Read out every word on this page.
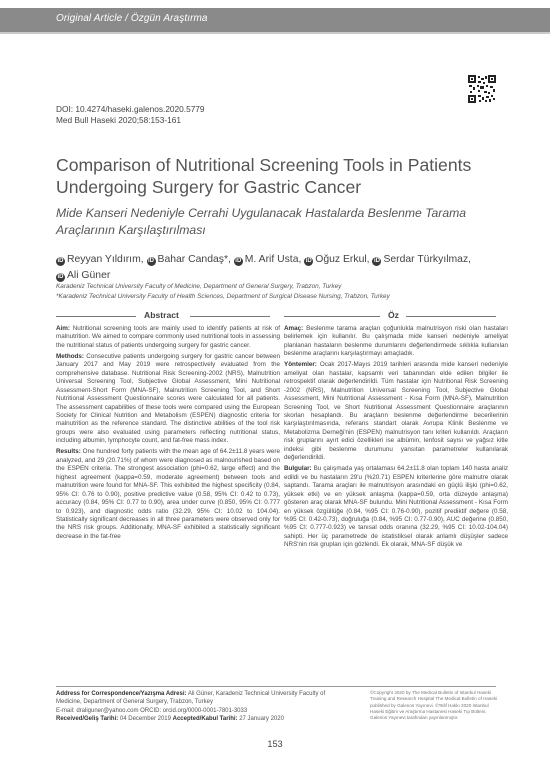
Original Article / Özgün Araştırma
DOI: 10.4274/haseki.galenos.2020.5779
Med Bull Haseki 2020;58:153-161
Comparison of Nutritional Screening Tools in Patients Undergoing Surgery for Gastric Cancer
Mide Kanseri Nedeniyle Cerrahi Uygulanacak Hastalarda Beslenme Tarama Araçlarının Karşılaştırılması
iD Reyyan Yıldırım, iD Bahar Candaş*, iD M. Arif Usta, iD Oğuz Erkul, iD Serdar Türkyılmaz,
iD Ali Güner
Karadeniz Technical University Faculty of Medicine, Department of General Surgery, Trabzon, Turkey
*Karadeniz Technical University Faculty of Health Sciences, Department of Surgical Disease Nursing, Trabzon, Turkey
Abstract	Öz

Aim: Nutritional screening tools are mainly used to identify patients at risk of malnutrition. We aimed to compare commonly used nutritional tools in assessing the nutritional status of patients undergoing surgery for gastric cancer.

Methods: Consecutive patients undergoing surgery for gastric cancer between January 2017 and May 2019 were retrospectively evaluated from the comprehensive database. Nutritional Risk Screening-2002 (NRS), Malnutrition Universal Screening Tool, Subjective Global Assessment, Mini Nutritional Assessment-Short Form (MNA-SF), Malnutrition Screening Tool, and Short Nutritional Assessment Questionnaire scores were calculated for all patients. The assessment capabilities of these tools were compared using the European Society for Clinical Nutrition and Metabolism (ESPEN) diagnostic criteria for malnutrition as the reference standard. The distinctive abilities of the tool risk groups were also evaluated using parameters reflecting nutritional status, including albumin, lymphocyte count, and fat-free mass index.

Results: One hundred forty patients with the mean age of 64.2±11.8 years were analyzed, and 29 (20.71%) of whom were diagnosed as malnourished based on the ESPEN criteria. The strongest association (phi=0.62, large effect) and the highest agreement (kappa=0.59, moderate agreement) between tools and malnutrition were found for MNA-SF. This exhibited the highest specificity (0.84, 95% CI: 0.76 to 0.90), positive predictive value (0.58, 95% CI: 0.42 to 0.73), accuracy (0.84, 95% CI: 0.77 to 0.90), area under curve (0.850, 95% CI: 0.777 to 0.923), and diagnostic odds ratio (32.29, 95% CI: 10.02 to 104.04). Statistically significant decreases in all three parameters were observed only for the NRS risk groups. Additionally, MNA-SF exhibited a statistically significant decrease in the fat-free

Amaç: Beslenme tarama araçları çoğunlukla malnutrisyon riski olan hastaları belirlemek için kullanılır. Bu çalışmada mide kanseri nedeniyle ameliyat planlanan hastaların beslenme durumlarını değerlendirmede sıklıkla kullanılan beslenme araçlarını karşılaştırmayı amaçladık.

Yöntemler: Ocak 2017-Mayıs 2019 tarihleri arasında mide kanseri nedeniyle ameliyat olan hastalar, kapsamlı veri tabanından elde edilen bilgiler ile retrospektif olarak değerlendirildi. Tüm hastalar için Nutritional Risk Screening -2002 (NRS), Malnutrition Universal Screening Tool, Subjective Global Assessment, Mini Nutritional Assessment - Kısa Form (MNA-SF), Malnutrition Screening Tool, ve Short Nutritional Assessment Questionnaire araçlarının skorları hesaplandı. Bu araçların beslenme değerlendirme becerilerinin karşılaştırılmasında, referans standart olarak Avrupa Klinik Beslenme ve Metabolizma Derneği'nin (ESPEN) malnutrisyon tanı kriteri kullanıldı. Araçların risk gruplarını ayırt edici özellikleri ise albümin, lenfosit sayısı ve yağsız kitle indeksi gibi beslenme durumunu yansıtan parametreler kullanılarak değerlendirildi.

Bulgular: Bu çalışmada yaş ortalaması 64.2±11.8 olan toplam 140 hasta analiz edildi ve bu hastaların 29'u (%20.71) ESPEN kriterlerine göre malnutre olarak saptandı. Tarama araçları ile malnutrisyon arasındaki en güçlü ilişki (phi=0.62, yüksek etki) ve en yüksek anlaşma (kappa=0.59, orta düzeyde anlaşma) gösteren araç olarak MNA-SF bulundu. Mini Nutritional Assessment - Kısa Form en yüksek özgüllüğe (0.84, %95 CI: 0.76-0.90), pozitif prediktif değere (0.58, %95 CI: 0.42-0.73), doğruluğa (0.84, %95 CI: 0.77-0.90), AUC değerine (0.850, %95 CI: 0.777-0.923) ve tanısal odds oranına (32.29, %95 CI: 10.02-104.04) sahipti. Her üç parametrede de istatistiksel olarak anlamlı düşüşler sadece NRS'nin risk grupları için gözlendi. Ek olarak, MNA-SF düşük ve

Address for Correspondence/Yazışma Adresi: Ali Güner, Karadeniz Technical University Faculty of Medicine, Department of General Surgery, Trabzon, Turkey
E-mail: draliguner@yahoo.com ORCID: orcid.org/0000-0001-7801-3033
Received/Geliş Tarihi: 04 December 2019 Accepted/Kabul Tarihi: 27 January 2020
©Copyright 2020 by The Medical Bulletin of Istanbul Haseki Training and Research Hospital The Medical Bulletin of Haseki published by Galenos Yayınevi. ©Telif Hakkı 2020 İstanbul Haseki Eğitim ve Araştırma Hastanesi Haseki Tıp Bülteni, Galenos Yayınevi tarafından yayınlanmıştır.
153
